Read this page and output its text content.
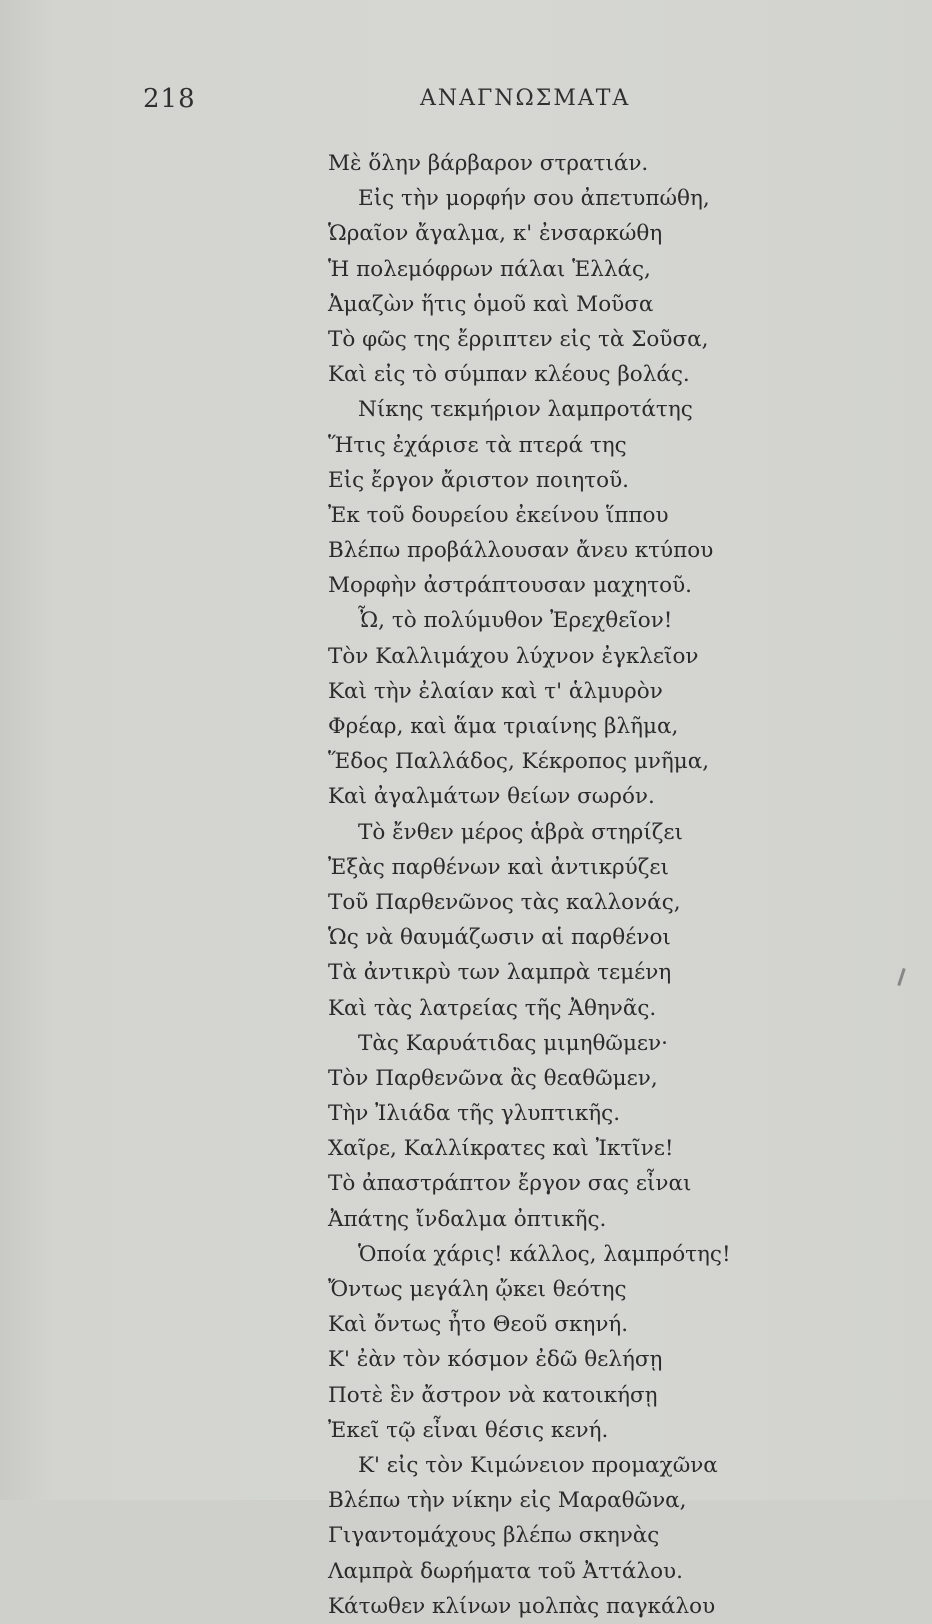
218	ΑΝΑΓΝΩΣΜΑΤΑ
Μὲ ὅλην βάρβαρον στρατιάν.
Εἰς τὴν μορφήν σου ἀπετυπώθη,
Ὡραῖον ἄγαλμα, κ' ἐνσαρκώθη
Ἡ πολεμόφρων πάλαι Ἑλλάς,
Ἀμαζὼν ἥτις ὁμοῦ καὶ Μοῦσα
Τὸ φῶς της ἔρριπτεν εἰς τὰ Σοῦσα,
Καὶ εἰς τὸ σύμπαν κλέους βολάς.
Νίκης τεκμήριον λαμπροτάτης
Ἥτις ἐχάρισε τὰ πτερά της
Εἰς ἔργον ἄριστον ποιητοῦ.
Ἐκ τοῦ δουρείου ἐκείνου ἵππου
Βλέπω προβάλλουσαν ἄνευ κτύπου
Μορφὴν ἀστράπτουσαν μαχητοῦ.
Ὦ, τὸ πολύμυθον Ἐρεχθεῖον!
Τὸν Καλλιμάχου λύχνον ἐγκλεῖον
Καὶ τὴν ἐλαίαν καὶ τ' ἁλμυρὸν
Φρέαρ, καὶ ἅμα τριαίνης βλῆμα,
Ἕδος Παλλάδος, Κέκροπος μνῆμα,
Καὶ ἀγαλμάτων θείων σωρόν.
Τὸ ἔνθεν μέρος ἁβρὰ στηρίζει
Ἐξὰς παρθένων καὶ ἀντικρύζει
Τοῦ Παρθενῶνος τὰς καλλονάς,
Ὡς νὰ θαυμάζωσιν αἱ παρθένοι
Τὰ ἀντικρὺ των λαμπρὰ τεμένη
Καὶ τὰς λατρείας τῆς Ἀθηνᾶς.
Τὰς Καρυάτιδας μιμηθῶμεν·
Τὸν Παρθενῶνα ἂς θεαθῶμεν,
Τὴν Ἰλιάδα τῆς γλυπτικῆς.
Χαῖρε, Καλλίκρατες καὶ Ἰκτῖνε!
Τὸ ἀπαστράπτον ἔργον σας εἶναι
Ἀπάτης ἴνδαλμα ὀπτικῆς.
Ὁποία χάρις! κάλλος, λαμπρότης!
Ὄντως μεγάλη ᾤκει θεότης
Καὶ ὄντως ἦτο Θεοῦ σκηνή.
Κ' ἐὰν τὸν κόσμον ἐδῶ θελήσῃ
Ποτὲ ἓν ἄστρον νὰ κατοικήσῃ
Ἐκεῖ τῷ εἶναι θέσις κενή.
Κ' εἰς τὸν Κιμώνειον προμαχῶνα
Βλέπω τὴν νίκην εἰς Μαραθῶνα,
Γιγαντομάχους βλέπω σκηνὰς
Λαμπρὰ δωρήματα τοῦ Ἀττάλου.
Κάτωθεν κλίνων μολπὰς παγκάλου
